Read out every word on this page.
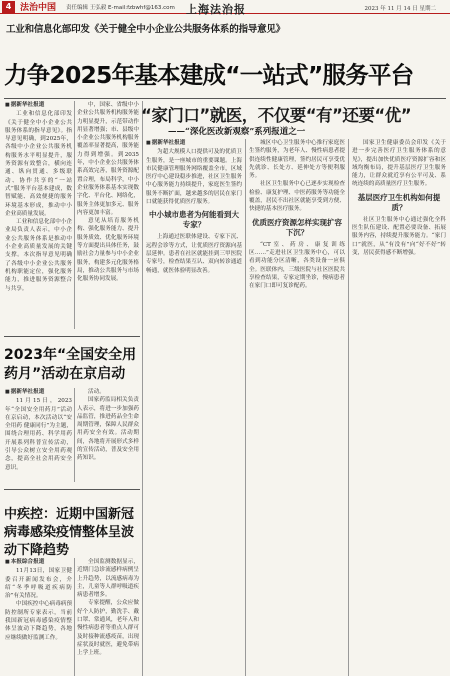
4 法治中国 责任编辑 王弘毅 E-mail:fzbwhf@163.com 上海法治报	2023 年 11 月 14 日 星期二
工业和信息化部印发《关于健全中小企业公共服务体系的指导意见》
力争2025年基本建成“一站式”服务平台

■ 据新华社报道

工业和信息化部印发《关于健全中小企业公共服务体系的指导意见》。指导意见明确，到2025年，各级中小企业公共服务机构服务水平明显提升，服务资源有效整合，横向连通、纵向贯通、多级联动、协作共享的“一站式”服务平台基本建成，数智赋能、高效便捷的服务环境基本形成，推动中小企业高质量发展。

工业和信息化部中小企业局负责人表示，中小企业公共服务体系是推动中小企业高质量发展的关键支撑。本次指导意见明确了各级中小企业公共服务机构职能定位，强化服务能力，推进服务资源整合与共享。

中，国家、省级中小企业公共服务机构服务能力明显提升，示范带动作用显著增强；市、县级中小企业公共服务机构服务覆盖率显著提高，服务能力得到增强。到2035年，中小企业公共服务体系高效完善，服务资源配置合理，布局科学，中小企业服务体系基本实现数字化、平台化、网络化，服务主体更加多元、服务内容更加丰富。

意见从培育服务机构、强化服务能力、提升服务质效、优化服务环境等方面提出具体任务，鼓励社会力量参与中小企业服务，构建多元化服务格局，推动公共服务与市场化服务协同发展。

“家门口”就医，不仅要“有”还要“优”
——“深化医改新观察”系列报道之一

■ 据新华社报道

为超大规模人口提供可及的优质卫生服务，是一座城市的重要课题。上海市民健康管理服务网络覆盖全市，区域医疗中心建设稳步推进，社区卫生服务中心服务能力持续提升，家庭医生签约服务不断扩面，越来越多的居民在家门口就能获得优质医疗服务。

中小城市患者为何能看到大专家？

上海通过医联体建设、专家下沉、远程会诊等方式，让优质医疗资源向基层延伸。患者在社区就能挂到三甲医院专家号，检查结果互认、双向转诊通道畅通，就医体验明显改善。

城区中心卫生服务中心推行家庭医生签约服务，为老年人、慢性病患者提供连续性健康管理，签约居民可享受优先就诊、长处方、延伸处方等便利服务。

社区卫生服务中心已逐步实现检查检验、康复护理、中医药服务等功能全覆盖，居民不出社区就能享受到方便、快捷的基本医疗服务。

优质医疗资源怎样实现扩容下沉？

“CT室、药房、康复训练区……”走进社区卫生服务中心，可以看到功能分区清晰，各类设备一应俱全。医联体内，三级医院与社区医院共享检查结果，专家定期坐诊，慢病患者在家门口即可复诊配药。

国家卫生健康委员会印发《关于进一步完善医疗卫生服务体系的意见》，提出加快优质医疗资源扩容和区域均衡布局，提升基层医疗卫生服务能力，让群众就近享有公平可及、系统连续的高质量医疗卫生服务。

基层医疗卫生机构如何提质？

社区卫生服务中心通过强化全科医生队伍建设、配置必要设备、拓展服务内容，持续提升服务能力。“家门口”就医，从“有没有”向“好不好”转变，居民获得感不断增强。

2023年“全国安全用药月”活动在京启动

■ 据新华社报道

11月15日，2023年“全国安全用药月”活动在京启动，本次活动以“安全用药 健康同行”为主题，围绕合理用药、科学用药开展系列科普宣传活动，引导公众树立安全用药观念，提高全社会用药安全意识。

活动。

国家药监局相关负责人表示，将进一步加强药品监管，推进药品全生命周期管理，保障人民群众用药安全有效。活动期间，各地将开展形式多样的宣传活动，普及安全用药知识。

中疾控：近期中国新冠病毒感染疫情整体呈波动下降趋势

■ 本报综合报道

11月13日，国家卫健委召开新闻发布会，介绍“冬季呼吸道疾病防治”有关情况。

中国疾控中心病毒病预防控制所专家表示，当前我国新冠病毒感染疫情整体呈波动下降趋势，各地应继续做好监测工作。

全国监测数据显示，近期门急诊流感样病例呈上升趋势，以流感病毒为主，儿童等人群呼吸道疾病患者增多。

专家提醒，公众应做好个人防护，勤洗手、戴口罩、常通风，老年人和慢性病患者等重点人群可及时接种流感疫苗，出现症状及时就医，避免带病上学上班。
